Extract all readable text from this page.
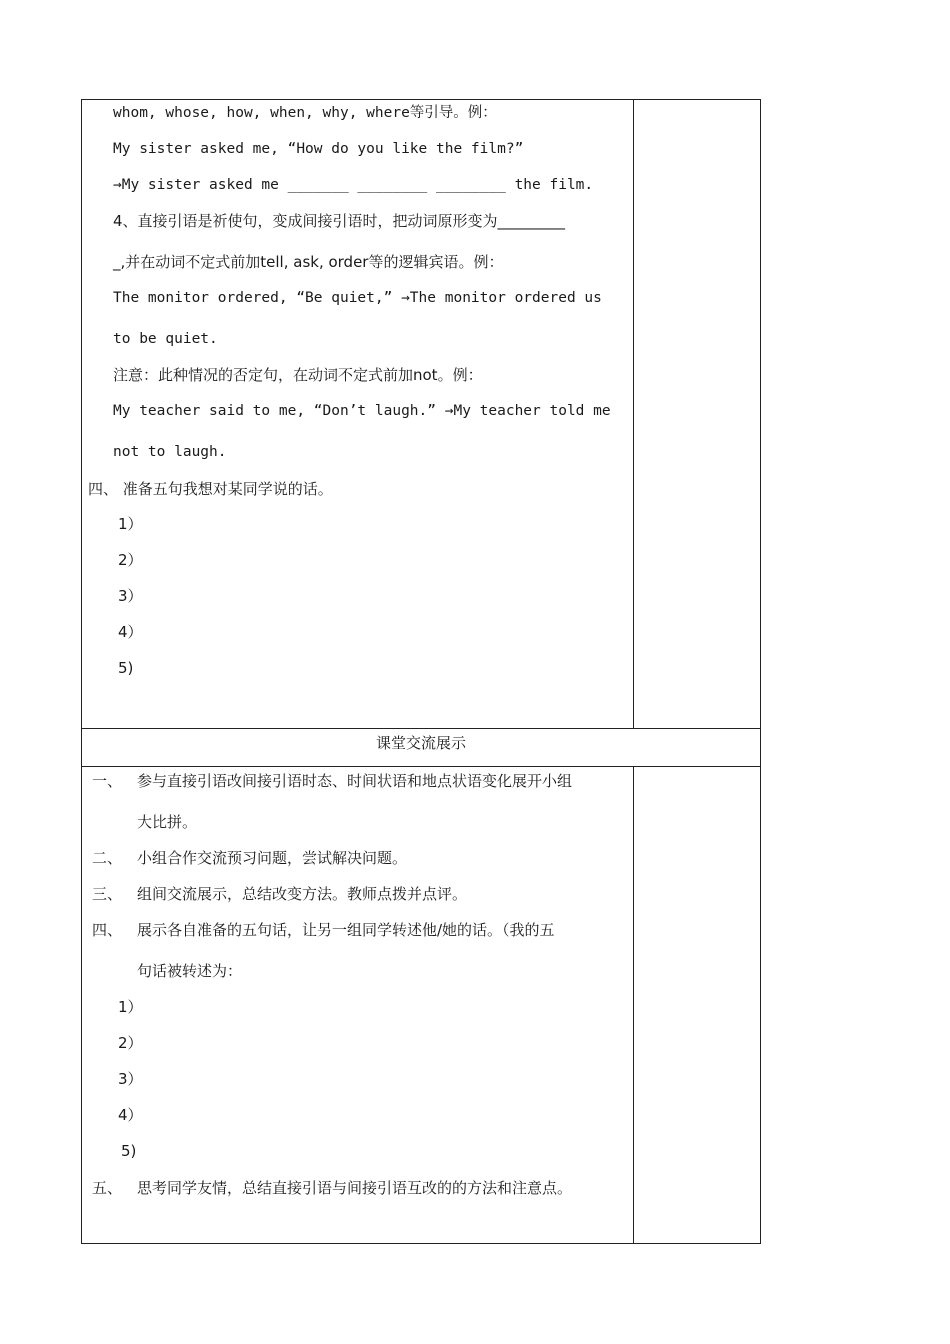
课堂交流展示
whom, whose, how, when, why, where等引导。例：
My sister asked me, “How do you like the film?”
→My sister asked me _______ ________ ________ the film.
4、直接引语是祈使句，变成间接引语时，把动词原形变为_________
_,并在动词不定式前加tell, ask, order等的逻辑宾语。例：
The monitor ordered, “Be quiet,” →The monitor ordered us
to be quiet.
注意：此种情况的否定句，在动词不定式前加not。例：
My teacher said to me, “Don’t laugh.” →My teacher told me
not to laugh.
四、 准备五句我想对某同学说的话。
1）
2）
3）
4）
5)
一、 参与直接引语改间接引语时态、时间状语和地点状语变化展开小组
大比拼。
二、 小组合作交流预习问题，尝试解决问题。
三、 组间交流展示，总结改变方法。教师点拨并点评。
四、 展示各自准备的五句话，让另一组同学转述他/她的话。（我的五
句话被转述为：
1）
2）
3）
4）
5)
五、 思考同学友情，总结直接引语与间接引语互改的的方法和注意点。
